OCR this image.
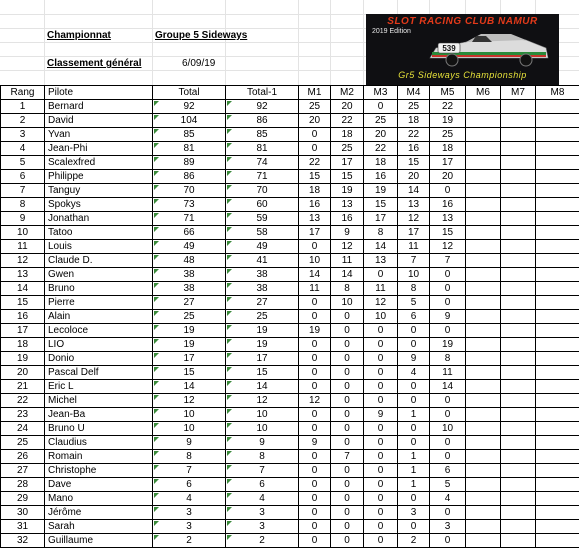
Championnat	Groupe 5 Sideways
Classement général	6/09/19
SLOT RACING CLUB NAMUR
2019 Edition
539
Gr5 Sideways Championship
Rang	Pilote	Total	Total-1	M1	M2	M3	M4	M5	M6	M7	M8
1	Bernard	92	92	25	20	0	25	22			
2	David	104	86	20	22	25	18	19			
3	Yvan	85	85	0	18	20	22	25			
4	Jean-Phi	81	81	0	25	22	16	18			
5	Scalexfred	89	74	22	17	18	15	17			
6	Philippe	86	71	15	15	16	20	20			
7	Tanguy	70	70	18	19	19	14	0			
8	Spokys	73	60	16	13	15	13	16			
9	Jonathan	71	59	13	16	17	12	13			
10	Tatoo	66	58	17	9	8	17	15			
11	Louis	49	49	0	12	14	11	12			
12	Claude D.	48	41	10	11	13	7	7			
13	Gwen	38	38	14	14	0	10	0			
14	Bruno	38	38	11	8	11	8	0			
15	Pierre	27	27	0	10	12	5	0			
16	Alain	25	25	0	0	10	6	9			
17	Lecoloce	19	19	19	0	0	0	0			
18	LIO	19	19	0	0	0	0	19			
19	Donio	17	17	0	0	0	9	8			
20	Pascal Delf	15	15	0	0	0	4	11			
21	Eric L	14	14	0	0	0	0	14			
22	Michel	12	12	12	0	0	0	0			
23	Jean-Ba	10	10	0	0	9	1	0			
24	Bruno U	10	10	0	0	0	0	10			
25	Claudius	9	9	9	0	0	0	0			
26	Romain	8	8	0	7	0	1	0			
27	Christophe	7	7	0	0	0	1	6			
28	Dave	6	6	0	0	0	1	5			
29	Mano	4	4	0	0	0	0	4			
30	Jérôme	3	3	0	0	0	3	0			
31	Sarah	3	3	0	0	0	0	3			
32	Guillaume	2	2	0	0	0	2	0			
